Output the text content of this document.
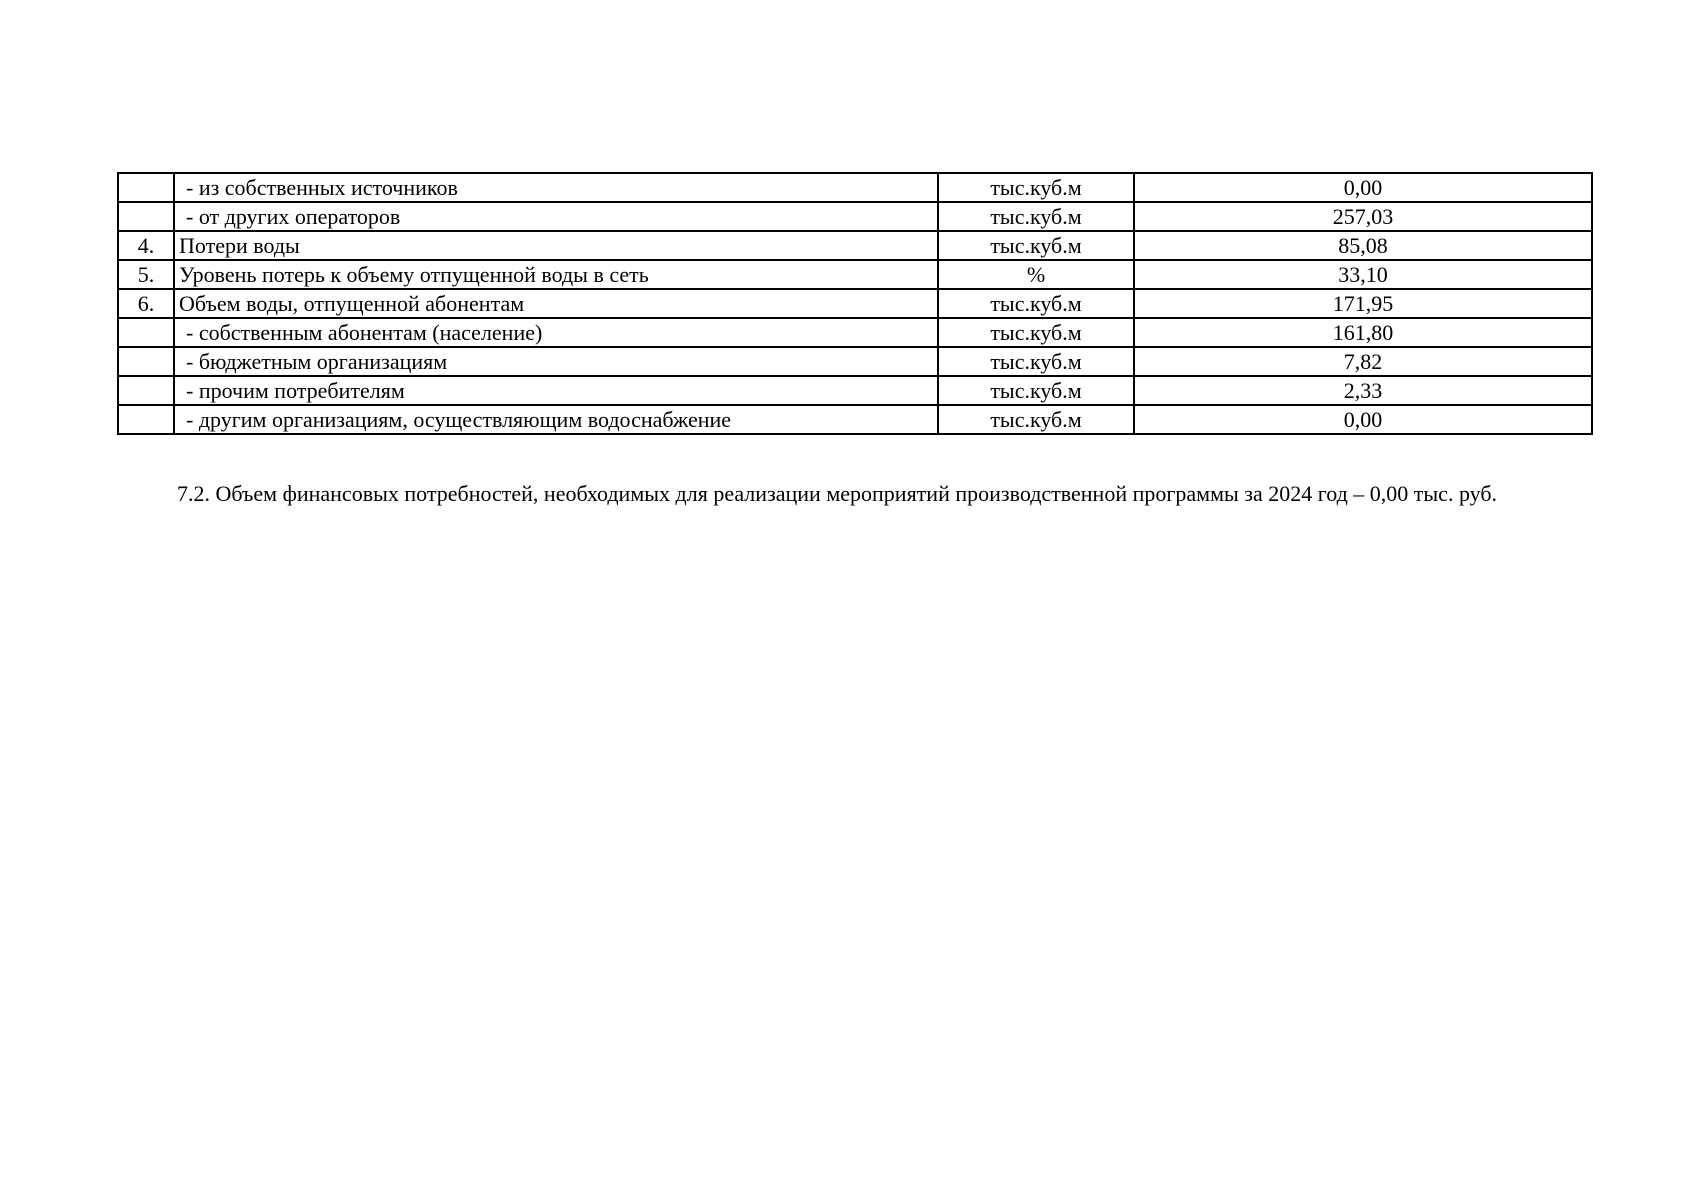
	- из собственных источников	тыс.куб.м	0,00
	- от других операторов	тыс.куб.м	257,03
4.	Потери воды	тыс.куб.м	85,08
5.	Уровень потерь к объему отпущенной воды в сеть	%	33,10
6.	Объем воды, отпущенной абонентам	тыс.куб.м	171,95
	- собственным абонентам (население)	тыс.куб.м	161,80
	- бюджетным организациям	тыс.куб.м	7,82
	- прочим потребителям	тыс.куб.м	2,33
	- другим организациям, осуществляющим водоснабжение	тыс.куб.м	0,00

7.2. Объем финансовых потребностей, необходимых для реализации мероприятий производственной программы за 2024 год – 0,00 тыс. руб.
